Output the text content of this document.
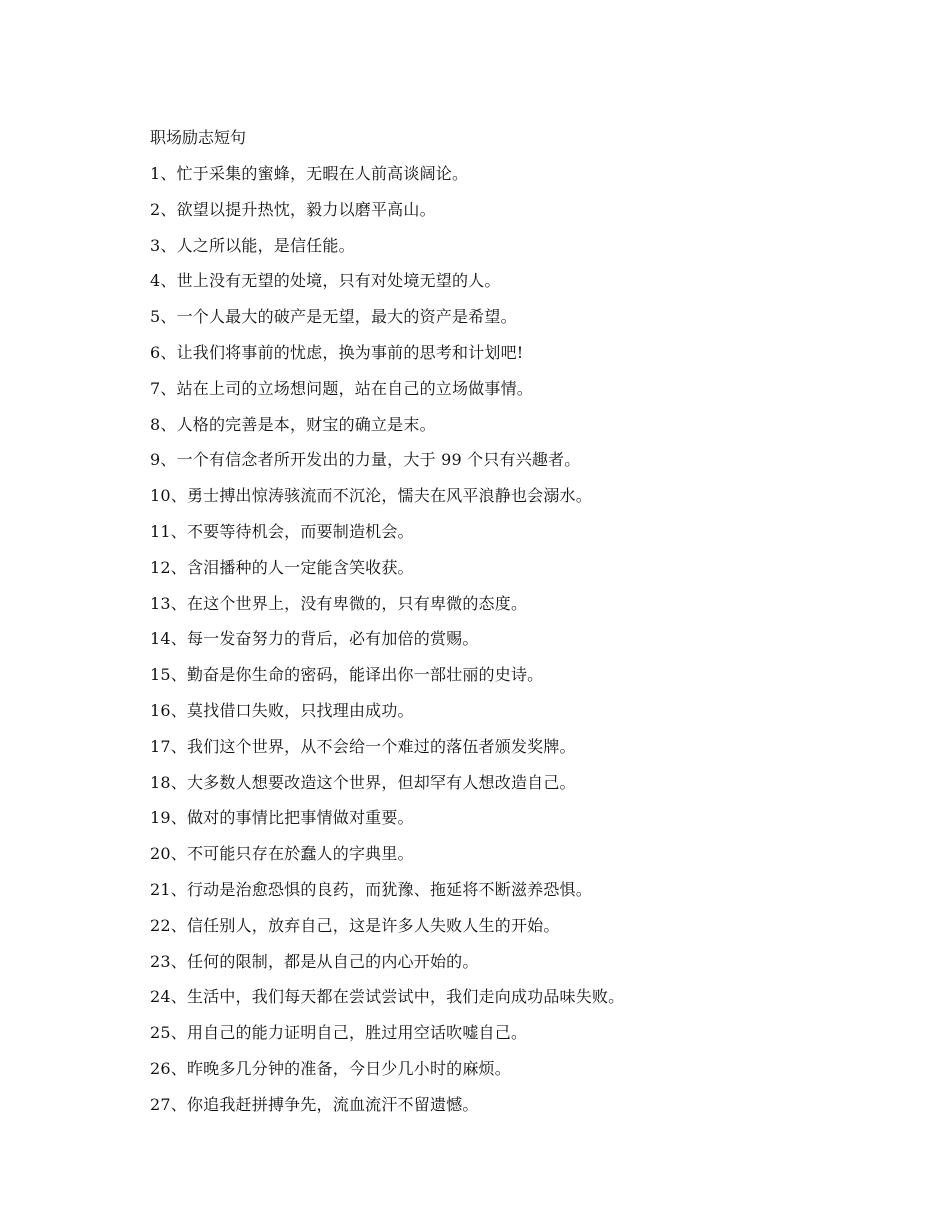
职场励志短句
1、忙于采集的蜜蜂，无暇在人前高谈阔论。
2、欲望以提升热忱，毅力以磨平高山。
3、人之所以能，是信任能。
4、世上没有无望的处境，只有对处境无望的人。
5、一个人最大的破产是无望，最大的资产是希望。
6、让我们将事前的忧虑，换为事前的思考和计划吧!
7、站在上司的立场想问题，站在自己的立场做事情。
8、人格的完善是本，财宝的确立是末。
9、一个有信念者所开发出的力量，大于 99 个只有兴趣者。
10、勇士搏出惊涛骇流而不沉沦，懦夫在风平浪静也会溺水。
11、不要等待机会，而要制造机会。
12、含泪播种的人一定能含笑收获。
13、在这个世界上，没有卑微的，只有卑微的态度。
14、每一发奋努力的背后，必有加倍的赏赐。
15、勤奋是你生命的密码，能译出你一部壮丽的史诗。
16、莫找借口失败，只找理由成功。
17、我们这个世界，从不会给一个难过的落伍者颁发奖牌。
18、大多数人想要改造这个世界，但却罕有人想改造自己。
19、做对的事情比把事情做对重要。
20、不可能只存在於蠢人的字典里。
21、行动是治愈恐惧的良药，而犹豫、拖延将不断滋养恐惧。
22、信任别人，放弃自己，这是许多人失败人生的开始。
23、任何的限制，都是从自己的内心开始的。
24、生活中，我们每天都在尝试尝试中，我们走向成功品味失败。
25、用自己的能力证明自己，胜过用空话吹嘘自己。
26、昨晚多几分钟的准备，今日少几小时的麻烦。
27、你追我赶拼搏争先，流血流汗不留遗憾。
